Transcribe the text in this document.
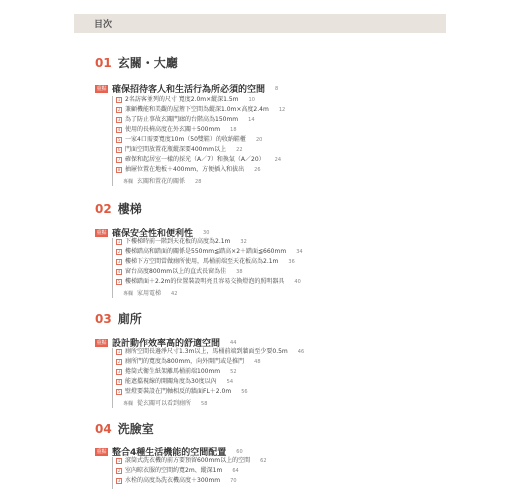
目次
01 玄關・大廳
重點 確保招待客人和生活行為所必須的空間 8
1 2名訪客並列的尺寸 寬度2.0m×縱深1.5m 10
2 兼顧機能和美觀的屋簷下空間為縱深1.0m×高度2.4m 12
3 為了防止事故玄關門廊的台階高為150mm 14
4 使用的長椅高度在外玄關＋500mm 18
5 一家4口需要寬度10m（50雙鞋）的收納鞋櫃 20
6 門面空間放置花瓶縱深要400mm以上 22
7 確保和起居室一樣的採光（A／7）和換氣（A／20） 24
8 抽屜位置在地板＋400mm，方便插入和拔出 26
專欄 玄關和置花的關係 28
02 樓梯
重點 確保安全性和便利性 30
1 下樓梯時前一階到天花板的高度為2.1m 32
2 樓梯踏高和踏面的關係是550mm≦踏高×2＋踏面≦660mm 34
3 樓梯下方空間當做廁所使用，馬桶前端至天花板高為2.1m 36
4 窗台高度800mm以上的直式長窗為佳 38
5 樓梯踏面＋2.2m的位置裝設明亮且容易交換燈泡的照明器具 40
專欄 家用電梯 42
03 廁所
重點 設計動作效率高的舒適空間 44
1 廁所空間長邊淨尺寸1.3m以上，馬桶前端到牆面至少要0.5m 46
2 廁所門的寬度為800mm，向外開門或是推門 48
3 捲筒式衛生紙架離馬桶前端100mm 52
4 能遮擋視線的開關角度為30度以內 54
5 壁燈要裝設在門軸相反的牆面FL＋2.0m 56
專欄 從玄關可以看到廁所 58
04 洗臉室
重點 整合4種生活機能的空間配置 60
1 滾筒式洗衣機的前方要預留600mm以上的空間 62
2 室內晾衣服的空間約寬2m、縱深1m 64
3 水栓的高度為洗衣機高度＋300mm 70
